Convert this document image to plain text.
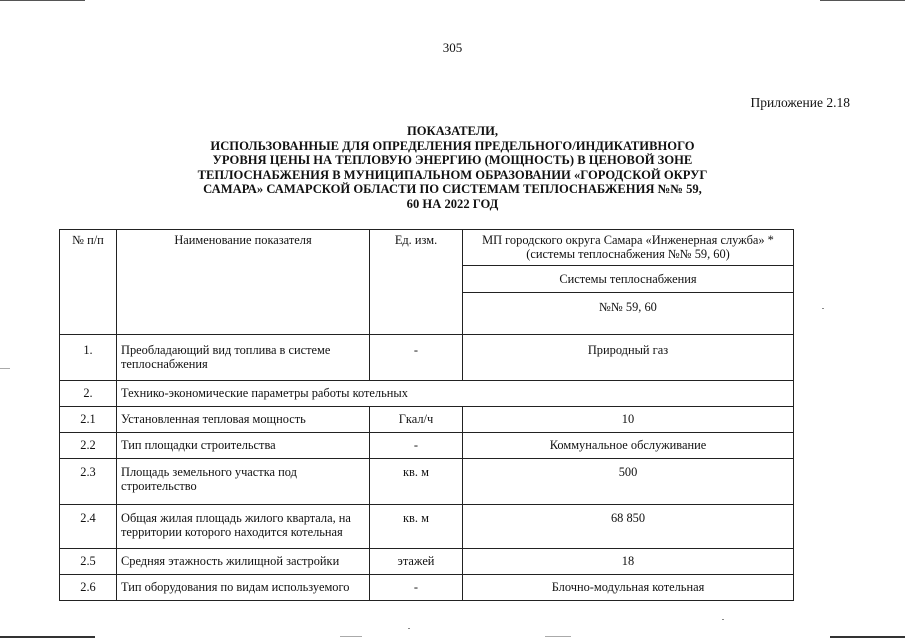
305
Приложение 2.18
ПОКАЗАТЕЛИ,
ИСПОЛЬЗОВАННЫЕ ДЛЯ ОПРЕДЕЛЕНИЯ ПРЕДЕЛЬНОГО/ИНДИКАТИВНОГО
УРОВНЯ ЦЕНЫ НА ТЕПЛОВУЮ ЭНЕРГИЮ (МОЩНОСТЬ) В ЦЕНОВОЙ ЗОНЕ
ТЕПЛОСНАБЖЕНИЯ В МУНИЦИПАЛЬНОМ ОБРАЗОВАНИИ «ГОРОДСКОЙ ОКРУГ
САМАРА» САМАРСКОЙ ОБЛАСТИ ПО СИСТЕМАМ ТЕПЛОСНАБЖЕНИЯ №№ 59,
60 НА 2022 ГОД
№ п/п	Наименование показателя	Ед. изм.	МП городского округа Самара «Инженерная служба» *
(системы теплоснабжения №№ 59, 60)

			Системы теплоснабжения
			№№ 59, 60
1.	Преобладающий вид топлива в системе теплоснабжения	-	Природный газ
2.	Технико-экономические параметры работы котельных		
2.1	Установленная тепловая мощность	Гкал/ч	10
2.2	Тип площадки строительства	-	Коммунальное обслуживание
2.3	Площадь земельного участка под строительство	кв. м	500
2.4	Общая жилая площадь жилого квартала, на территории которого находится котельная	кв. м	68 850
2.5	Средняя этажность жилищной застройки	этажей	18
2.6	Тип оборудования по видам используемого	-	Блочно-модульная котельная
